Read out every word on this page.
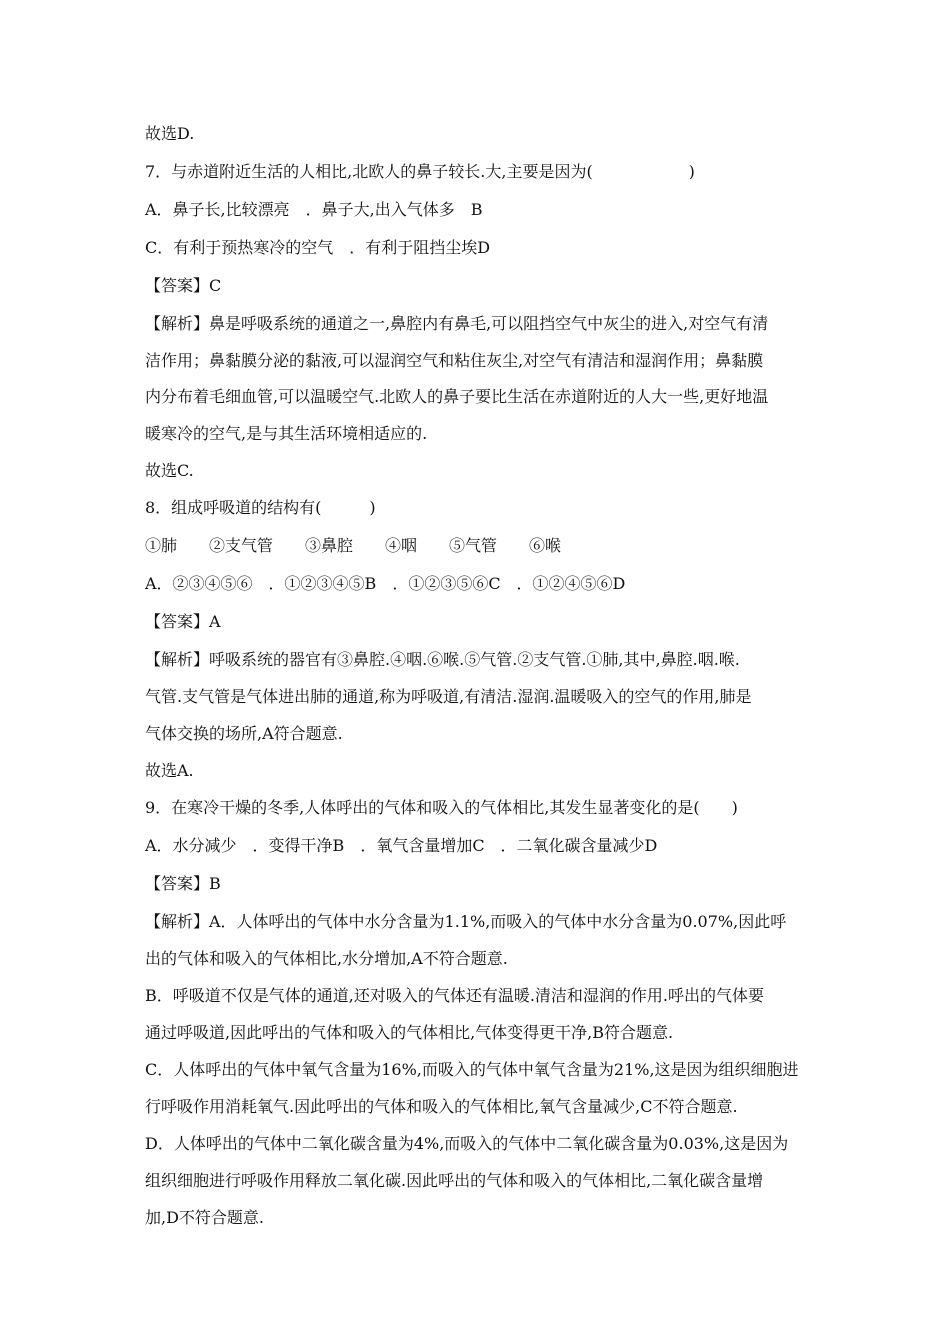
故选D.
7．与赤道附近生活的人相比,北欧人的鼻子较长.大,主要是因为(　　　　　　)
A．鼻子长,比较漂亮　．鼻子大,出入气体多　B
C．有利于预热寒冷的空气　．有利于阻挡尘埃D
【答案】C
【解析】鼻是呼吸系统的通道之一,鼻腔内有鼻毛,可以阻挡空气中灰尘的进入,对空气有清
洁作用；鼻黏膜分泌的黏液,可以湿润空气和粘住灰尘,对空气有清洁和湿润作用；鼻黏膜
内分布着毛细血管,可以温暖空气.北欧人的鼻子要比生活在赤道附近的人大一些,更好地温
暖寒冷的空气,是与其生活环境相适应的.
故选C.
8．组成呼吸道的结构有(　　　)
①肺　　②支气管　　③鼻腔　　④咽　　⑤气管　　⑥喉
A．②③④⑤⑥　．①②③④⑤B　．①②③⑤⑥C　．①②④⑤⑥D
【答案】A
【解析】呼吸系统的器官有③鼻腔.④咽.⑥喉.⑤气管.②支气管.①肺,其中,鼻腔.咽.喉.
气管.支气管是气体进出肺的通道,称为呼吸道,有清洁.湿润.温暖吸入的空气的作用,肺是
气体交换的场所,A符合题意.
故选A.
9．在寒冷干燥的冬季,人体呼出的气体和吸入的气体相比,其发生显著变化的是(　　)
A．水分减少　．变得干净B　．氧气含量增加C　．二氧化碳含量减少D
【答案】B
【解析】A．人体呼出的气体中水分含量为1.1%,而吸入的气体中水分含量为0.07%,因此呼
出的气体和吸入的气体相比,水分增加,A不符合题意.
B．呼吸道不仅是气体的通道,还对吸入的气体还有温暖.清洁和湿润的作用.呼出的气体要
通过呼吸道,因此呼出的气体和吸入的气体相比,气体变得更干净,B符合题意.
C．人体呼出的气体中氧气含量为16%,而吸入的气体中氧气含量为21%,这是因为组织细胞进
行呼吸作用消耗氧气.因此呼出的气体和吸入的气体相比,氧气含量减少,C不符合题意.
D．人体呼出的气体中二氧化碳含量为4%,而吸入的气体中二氧化碳含量为0.03%,这是因为
组织细胞进行呼吸作用释放二氧化碳.因此呼出的气体和吸入的气体相比,二氧化碳含量增
加,D不符合题意.
